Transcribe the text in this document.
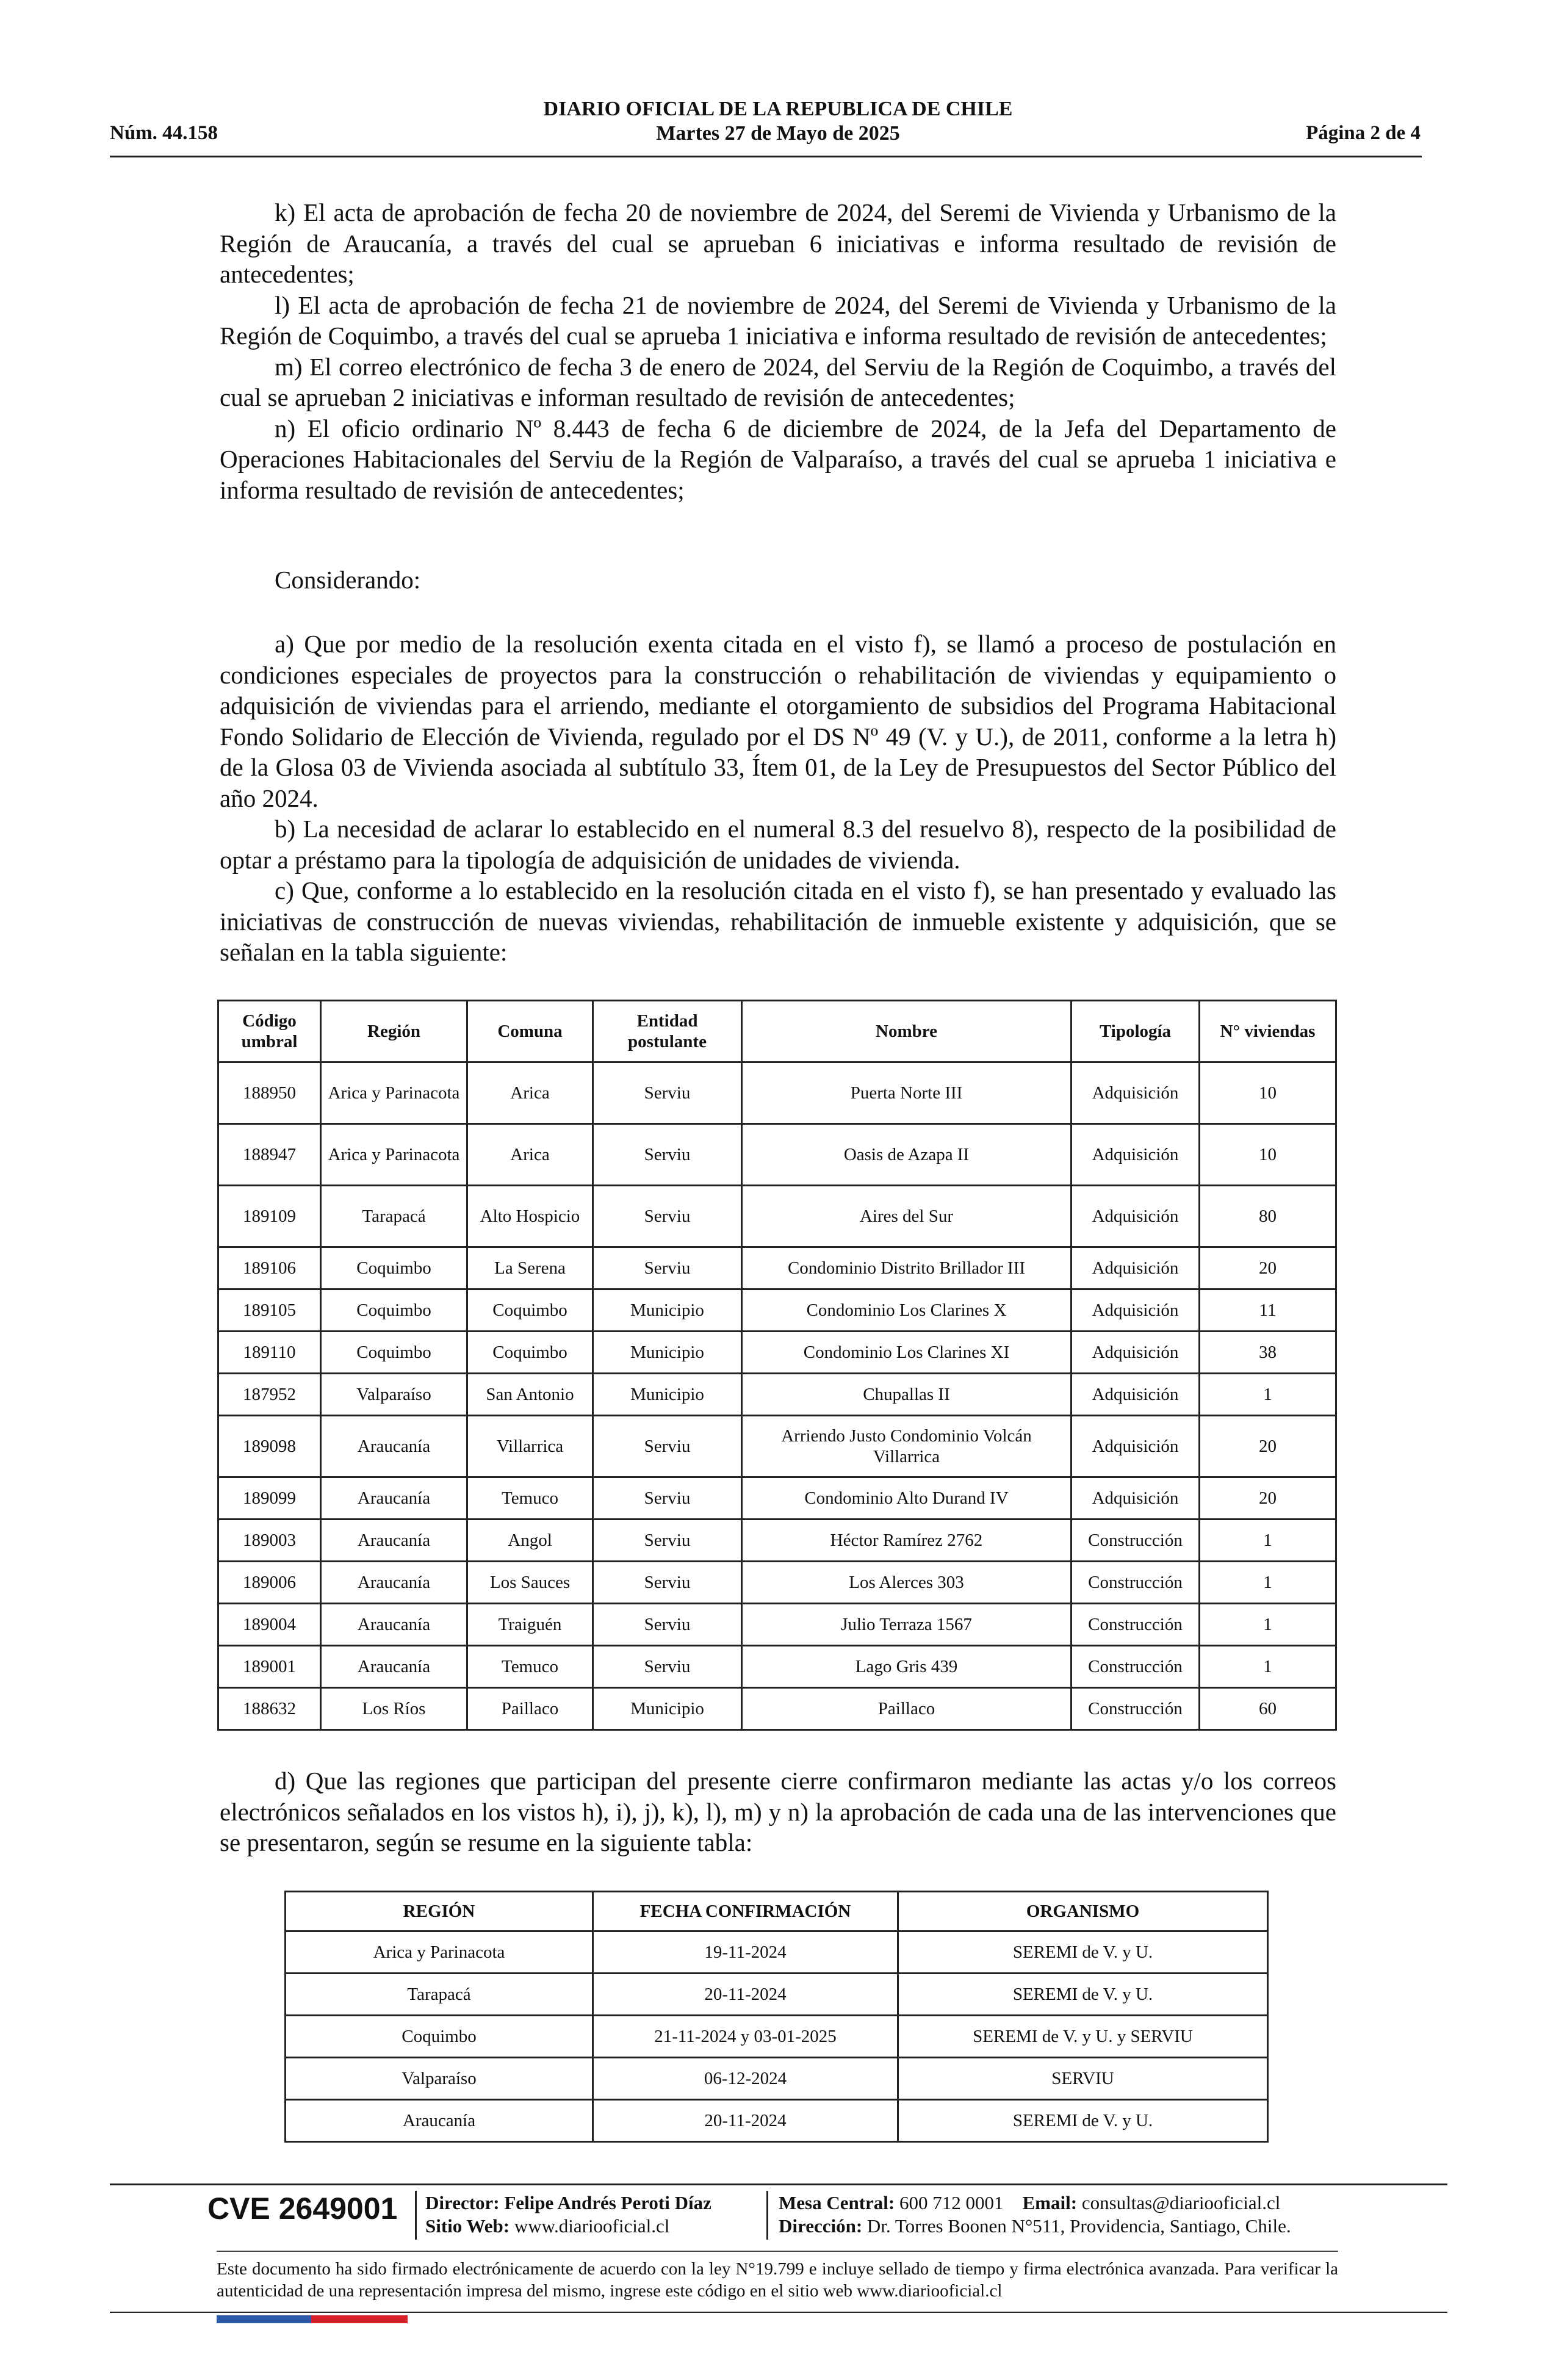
Núm. 44.158
DIARIO OFICIAL DE LA REPUBLICA DE CHILE
Martes 27 de Mayo de 2025	Página 2 de 4

k) El acta de aprobación de fecha 20 de noviembre de 2024, del Seremi de Vivienda y Urbanismo de la Región de Araucanía, a través del cual se aprueban 6 iniciativas e informa resultado de revisión de antecedentes;

l) El acta de aprobación de fecha 21 de noviembre de 2024, del Seremi de Vivienda y Urbanismo de la Región de Coquimbo, a través del cual se aprueba 1 iniciativa e informa resultado de revisión de antecedentes;

m) El correo electrónico de fecha 3 de enero de 2024, del Serviu de la Región de Coquimbo, a través del cual se aprueban 2 iniciativas e informan resultado de revisión de antecedentes;

n) El oficio ordinario Nº 8.443 de fecha 6 de diciembre de 2024, de la Jefa del Departamento de Operaciones Habitacionales del Serviu de la Región de Valparaíso, a través del cual se aprueba 1 iniciativa e informa resultado de revisión de antecedentes;

Considerando:

a) Que por medio de la resolución exenta citada en el visto f), se llamó a proceso de postulación en condiciones especiales de proyectos para la construcción o rehabilitación de viviendas y equipamiento o adquisición de viviendas para el arriendo, mediante el otorgamiento de subsidios del Programa Habitacional Fondo Solidario de Elección de Vivienda, regulado por el DS Nº 49 (V. y U.), de 2011, conforme a la letra h) de la Glosa 03 de Vivienda asociada al subtítulo 33, Ítem 01, de la Ley de Presupuestos del Sector Público del año 2024.

b) La necesidad de aclarar lo establecido en el numeral 8.3 del resuelvo 8), respecto de la posibilidad de optar a préstamo para la tipología de adquisición de unidades de vivienda.

c) Que, conforme a lo establecido en la resolución citada en el visto f), se han presentado y evaluado las iniciativas de construcción de nuevas viviendas, rehabilitación de inmueble existente y adquisición, que se señalan en la tabla siguiente:

Código umbral	Región	Comuna	Entidad postulante	Nombre	Tipología	N° viviendas
188950	Arica y Parinacota	Arica	Serviu	Puerta Norte III	Adquisición	10
188947	Arica y Parinacota	Arica	Serviu	Oasis de Azapa II	Adquisición	10
189109	Tarapacá	Alto Hospicio	Serviu	Aires del Sur	Adquisición	80
189106	Coquimbo	La Serena	Serviu	Condominio Distrito Brillador III	Adquisición	20
189105	Coquimbo	Coquimbo	Municipio	Condominio Los Clarines X	Adquisición	11
189110	Coquimbo	Coquimbo	Municipio	Condominio Los Clarines XI	Adquisición	38
187952	Valparaíso	San Antonio	Municipio	Chupallas II	Adquisición	1
189098	Araucanía	Villarrica	Serviu	Arriendo Justo Condominio Volcán Villarrica	Adquisición	20
189099	Araucanía	Temuco	Serviu	Condominio Alto Durand IV	Adquisición	20
189003	Araucanía	Angol	Serviu	Héctor Ramírez 2762	Construcción	1
189006	Araucanía	Los Sauces	Serviu	Los Alerces 303	Construcción	1
189004	Araucanía	Traiguén	Serviu	Julio Terraza 1567	Construcción	1
189001	Araucanía	Temuco	Serviu	Lago Gris 439	Construcción	1
188632	Los Ríos	Paillaco	Municipio	Paillaco	Construcción	60

d) Que las regiones que participan del presente cierre confirmaron mediante las actas y/o los correos electrónicos señalados en los vistos h), i), j), k), l), m) y n) la aprobación de cada una de las intervenciones que se presentaron, según se resume en la siguiente tabla:

REGIÓN	FECHA CONFIRMACIÓN	ORGANISMO
Arica y Parinacota	19-11-2024	SEREMI de V. y U.
Tarapacá	20-11-2024	SEREMI de V. y U.
Coquimbo	21-11-2024 y 03-01-2025	SEREMI de V. y U. y SERVIU
Valparaíso	06-12-2024	SERVIU
Araucanía	20-11-2024	SEREMI de V. y U.
CVE 2649001 Director: Felipe Andrés Peroti Díaz
Sitio Web: www.diariooficial.cl
Mesa Central: 600 712 0001 Email: consultas@diariooficial.cl
Dirección: Dr. Torres Boonen N°511, Providencia, Santiago, Chile.
Este documento ha sido firmado electrónicamente de acuerdo con la ley N°19.799 e incluye sellado de tiempo y firma electrónica avanzada. Para verificar la autenticidad de una representación impresa del mismo, ingrese este código en el sitio web www.diariooficial.cl
